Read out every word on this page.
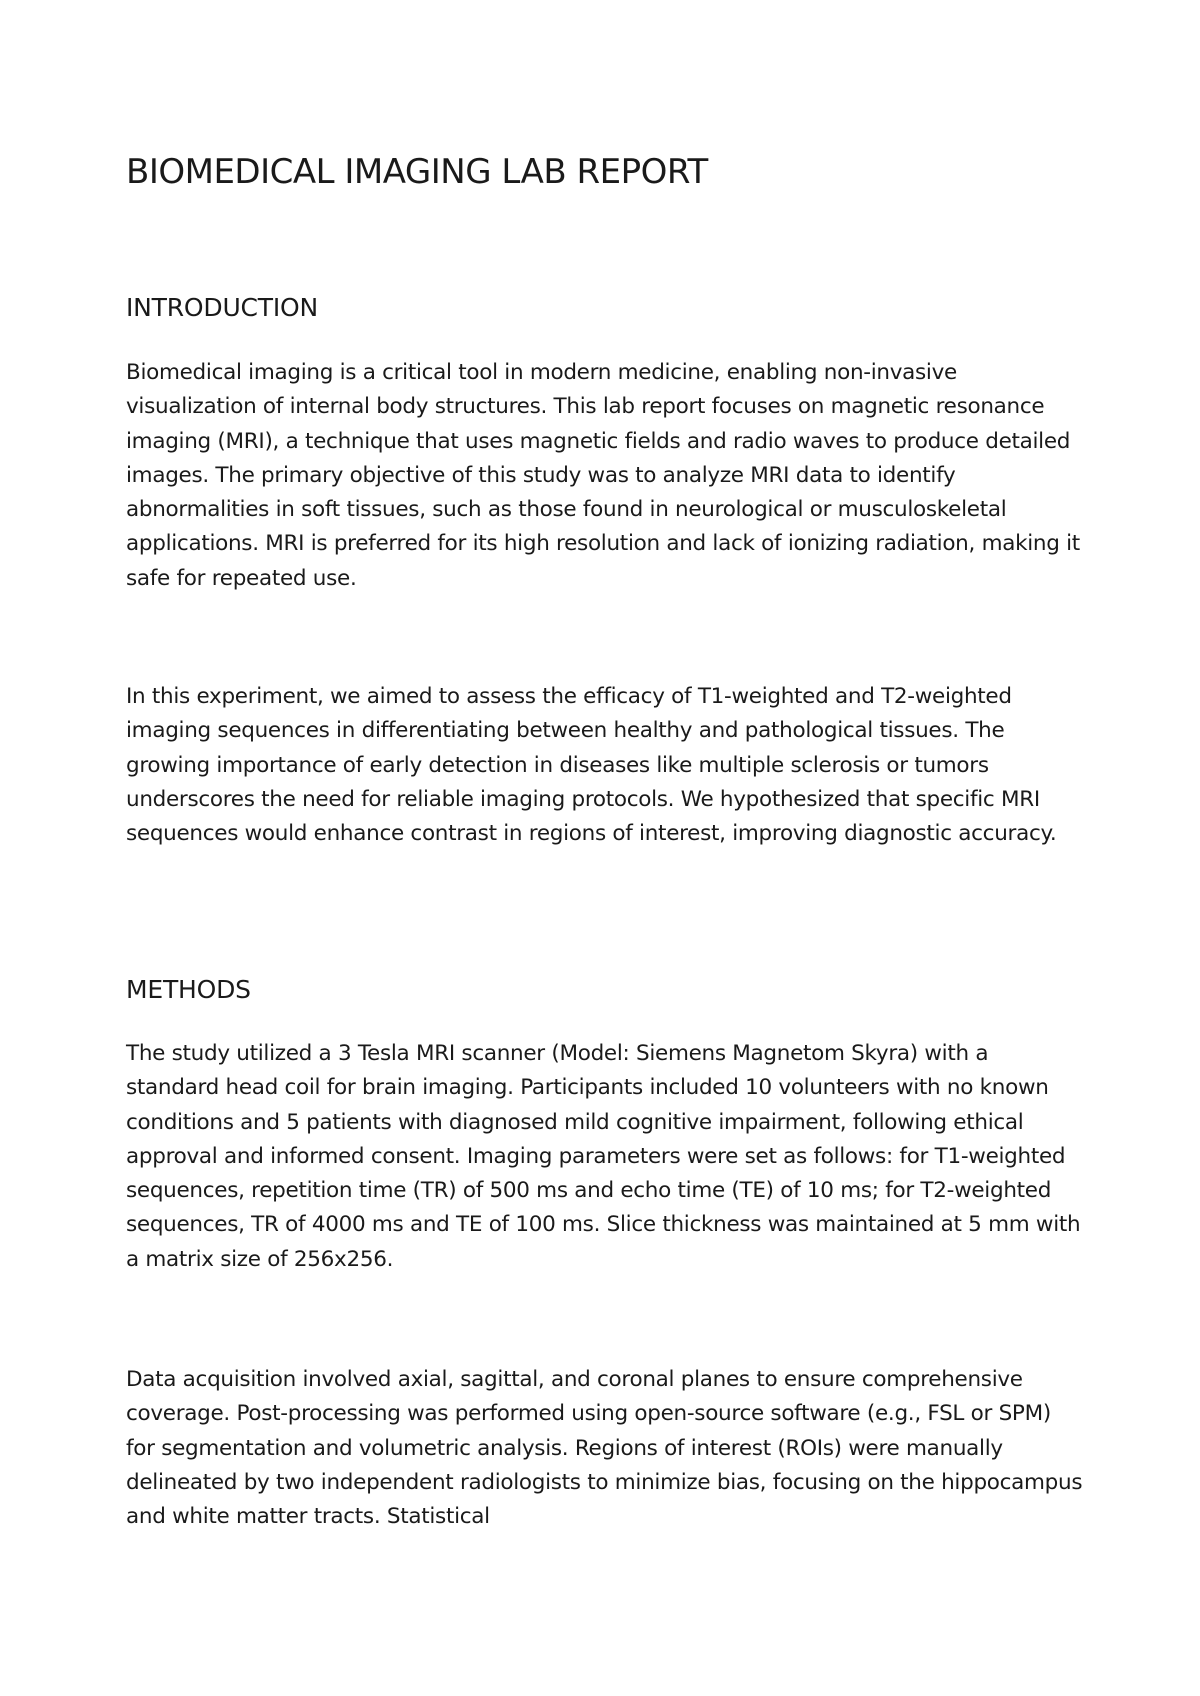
BIOMEDICAL IMAGING LAB REPORT
INTRODUCTION

Biomedical imaging is a critical tool in modern medicine, enabling non-invasive visualization of internal body structures. This lab report focuses on magnetic resonance imaging (MRI), a technique that uses magnetic fields and radio waves to produce detailed images. The primary objective of this study was to analyze MRI data to identify abnormalities in soft tissues, such as those found in neurological or musculoskeletal applications. MRI is preferred for its high resolution and lack of ionizing radiation, making it safe for repeated use.

In this experiment, we aimed to assess the efficacy of T1-weighted and T2-weighted imaging sequences in differentiating between healthy and pathological tissues. The growing importance of early detection in diseases like multiple sclerosis or tumors underscores the need for reliable imaging protocols. We hypothesized that specific MRI sequences would enhance contrast in regions of interest, improving diagnostic accuracy.

METHODS

The study utilized a 3 Tesla MRI scanner (Model: Siemens Magnetom Skyra) with a standard head coil for brain imaging. Participants included 10 volunteers with no known conditions and 5 patients with diagnosed mild cognitive impairment, following ethical approval and informed consent. Imaging parameters were set as follows: for T1-weighted sequences, repetition time (TR) of 500 ms and echo time (TE) of 10 ms; for T2-weighted sequences, TR of 4000 ms and TE of 100 ms. Slice thickness was maintained at 5 mm with a matrix size of 256x256.

Data acquisition involved axial, sagittal, and coronal planes to ensure comprehensive coverage. Post-processing was performed using open-source software (e.g., FSL or SPM) for segmentation and volumetric analysis. Regions of interest (ROIs) were manually delineated by two independent radiologists to minimize bias, focusing on the hippocampus and white matter tracts. Statistical
